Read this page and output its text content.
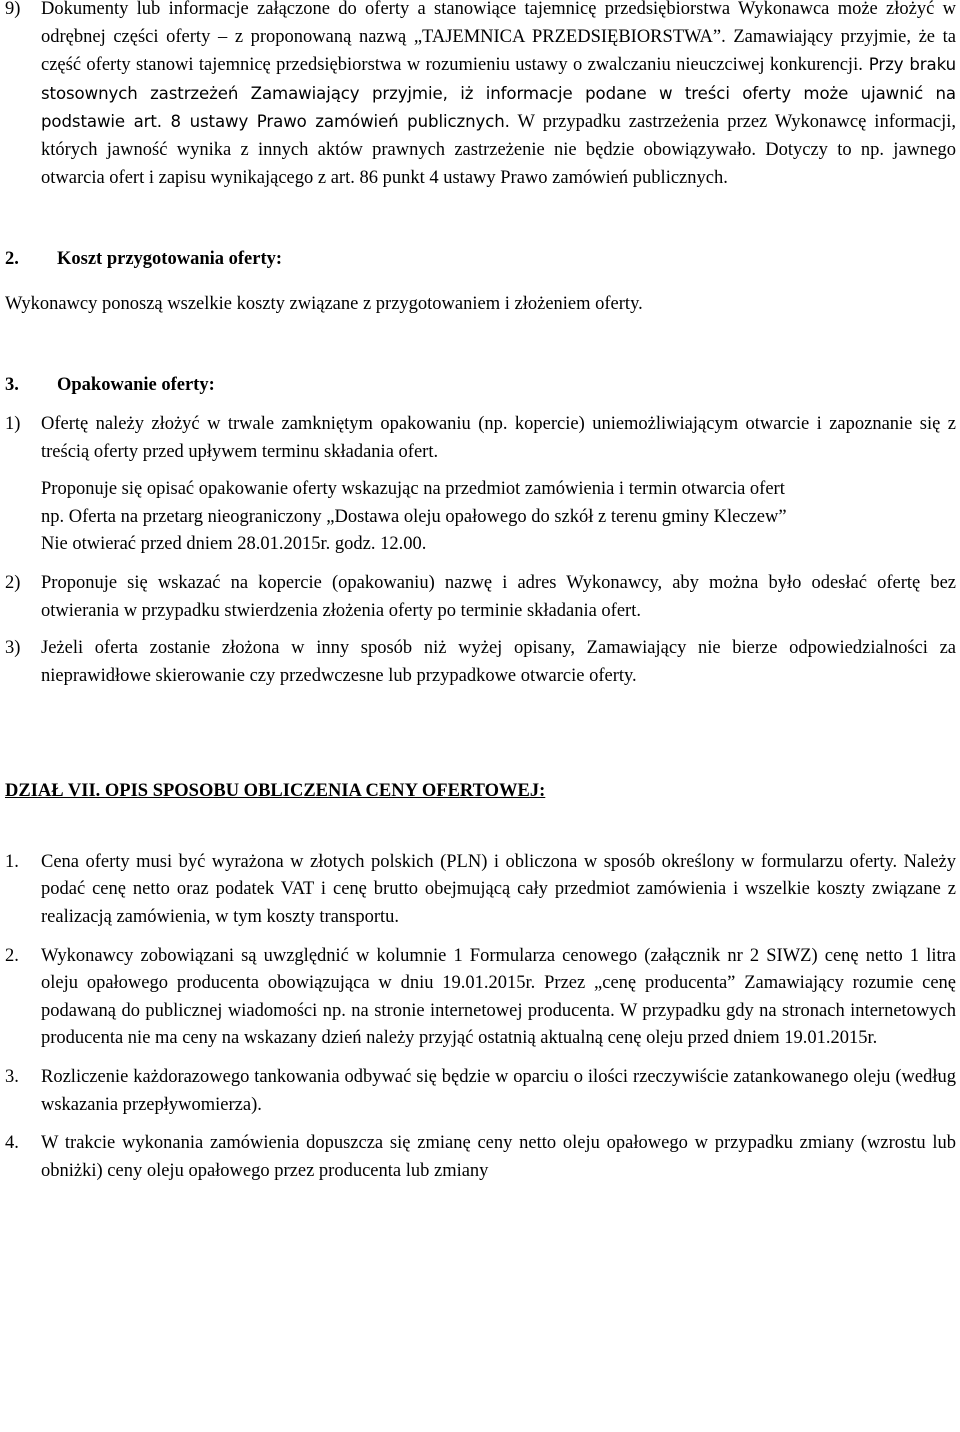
9) Dokumenty lub informacje załączone do oferty a stanowiące tajemnicę przedsiębiorstwa Wykonawca może złożyć w odrębnej części oferty – z proponowaną nazwą „TAJEMNICA PRZEDSIĘBIORSTWA”. Zamawiający przyjmie, że ta część oferty stanowi tajemnicę przedsiębiorstwa w rozumieniu ustawy o zwalczaniu nieuczciwej konkurencji. Przy braku stosownych zastrzeżeń Zamawiający przyjmie, iż informacje podane w treści oferty może ujawnić na podstawie art. 8 ustawy Prawo zamówień publicznych. W przypadku zastrzeżenia przez Wykonawcę informacji, których jawność wynika z innych aktów prawnych zastrzeżenie nie będzie obowiązywało. Dotyczy to np. jawnego otwarcia ofert i zapisu wynikającego z art. 86 punkt 4 ustawy Prawo zamówień publicznych.
2. Koszt przygotowania oferty:
Wykonawcy ponoszą wszelkie koszty związane z przygotowaniem i złożeniem oferty.
3. Opakowanie oferty:
1) Ofertę należy złożyć w trwale zamkniętym opakowaniu (np. kopercie) uniemożliwiającym otwarcie i zapoznanie się z treścią oferty przed upływem terminu składania ofert.
Proponuje się opisać opakowanie oferty wskazując na przedmiot zamówienia i termin otwarcia ofert
np. Oferta na przetarg nieograniczony „Dostawa oleju opałowego do szkół z terenu gminy Kleczew”
Nie otwierać przed dniem 28.01.2015r. godz. 12.00.
2) Proponuje się wskazać na kopercie (opakowaniu) nazwę i adres Wykonawcy, aby można było odesłać ofertę bez otwierania w przypadku stwierdzenia złożenia oferty po terminie składania ofert.
3) Jeżeli oferta zostanie złożona w inny sposób niż wyżej opisany, Zamawiający nie bierze odpowiedzialności za nieprawidłowe skierowanie czy przedwczesne lub przypadkowe otwarcie oferty.
DZIAŁ VII. OPIS SPOSOBU OBLICZENIA CENY OFERTOWEJ:
1. Cena oferty musi być wyrażona w złotych polskich (PLN) i obliczona w sposób określony w formularzu oferty. Należy podać cenę netto oraz podatek VAT i cenę brutto obejmującą cały przedmiot zamówienia i wszelkie koszty związane z realizacją zamówienia, w tym koszty transportu.
2. Wykonawcy zobowiązani są uwzględnić w kolumnie 1 Formularza cenowego (załącznik nr 2 SIWZ) cenę netto 1 litra oleju opałowego producenta obowiązująca w dniu 19.01.2015r. Przez „cenę producenta” Zamawiający rozumie cenę podawaną do publicznej wiadomości np. na stronie internetowej producenta. W przypadku gdy na stronach internetowych producenta nie ma ceny na wskazany dzień należy przyjąć ostatnią aktualną cenę oleju przed dniem 19.01.2015r.
3. Rozliczenie każdorazowego tankowania odbywać się będzie w oparciu o ilości rzeczywiście zatankowanego oleju (według wskazania przepływomierza).
4. W trakcie wykonania zamówienia dopuszcza się zmianę ceny netto oleju opałowego w przypadku zmiany (wzrostu lub obniżki) ceny oleju opałowego przez producenta lub zmiany
